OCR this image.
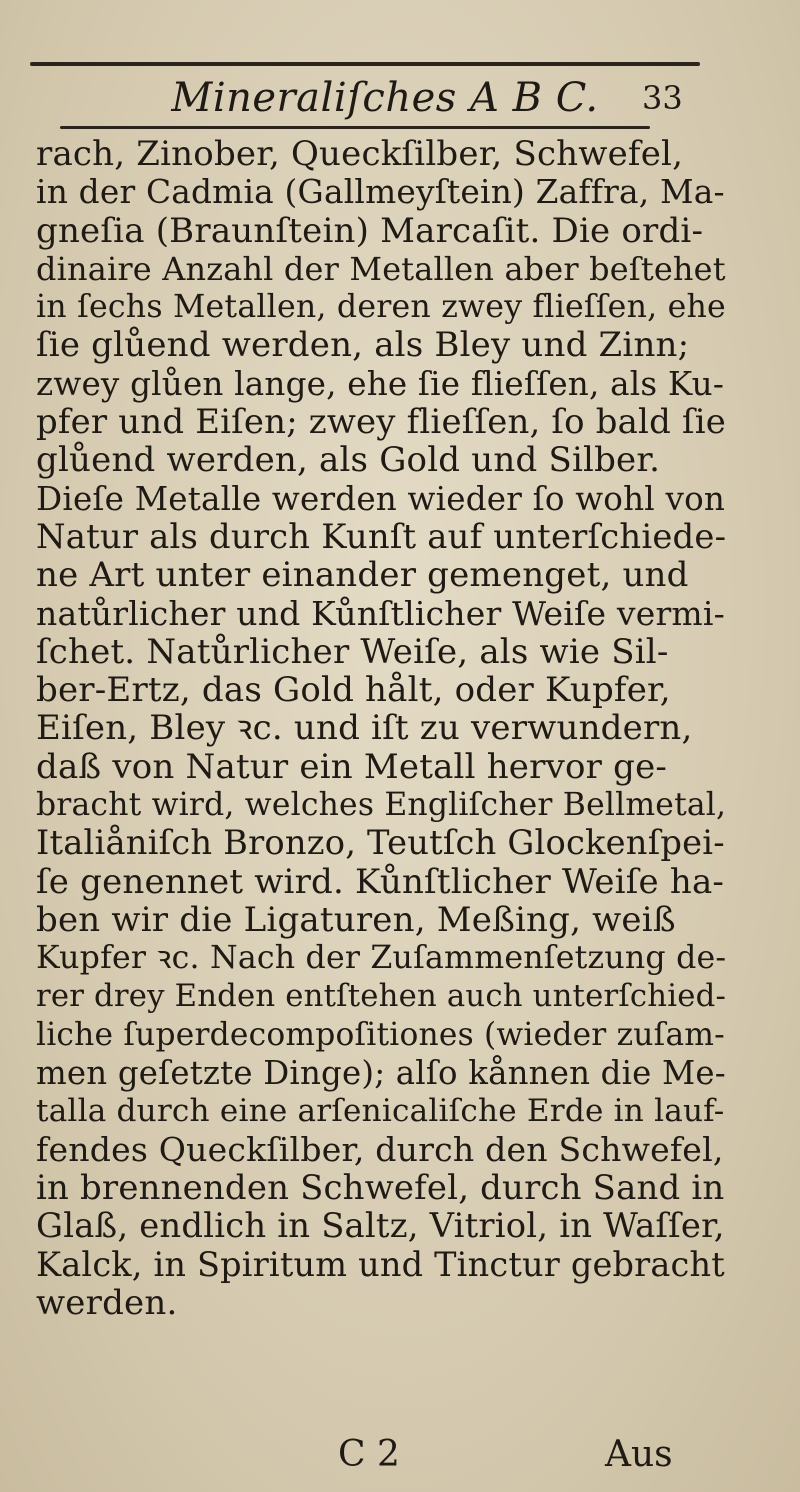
Mineraliſches A B C.	33
rach, Zinober, Queckſilber, Schwefel,
in der Cadmia (Gallmeyſtein) Zaffra, Ma-
gneſia (Braunſtein) Marcaſit. Die ordi-
dinaire Anzahl der Metallen aber beſtehet
in ſechs Metallen, deren zwey flieſſen, ehe
ſie glůend werden, als Bley und Zinn;
zwey glůen lange, ehe ſie flieſſen, als Ku-
pfer und Eiſen; zwey flieſſen, ſo bald ſie
glůend werden, als Gold und Silber.
Dieſe Metalle werden wieder ſo wohl von
Natur als durch Kunſt auf unterſchiede-
ne Art unter einander gemenget, und
natůrlicher und Kůnſtlicher Weiſe vermi-
ſchet. Natůrlicher Weiſe, als wie Sil-
ber-Ertz, das Gold hålt, oder Kupfer,
Eiſen, Bley ꝛc. und iſt zu verwundern,
daß von Natur ein Metall hervor ge-
bracht wird, welches Engliſcher Bellmetal,
Italiåniſch Bronzo, Teutſch Glockenſpei-
ſe genennet wird. Kůnſtlicher Weiſe ha-
ben wir die Ligaturen, Meßing, weiß
Kupfer ꝛc. Nach der Zuſammenſetzung de-
rer drey Enden entſtehen auch unterſchied-
liche ſuperdecompoſitiones (wieder zuſam-
men geſetzte Dinge); alſo kånnen die Me-
talla durch eine arſenicaliſche Erde in lauf-
fendes Queckſilber, durch den Schwefel,
in brennenden Schwefel, durch Sand in
Glaß, endlich in Saltz, Vitriol, in Waſſer,
Kalck, in Spiritum und Tinctur gebracht
werden.
C 2	Aus
